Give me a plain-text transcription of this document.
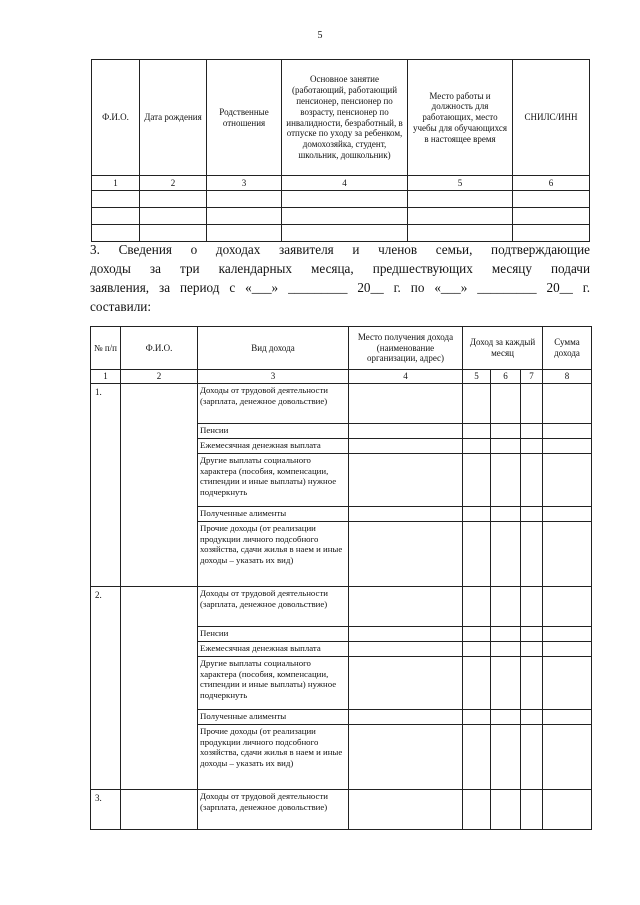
5
Ф.И.О.	Дата рождения	Родственные отношения	Основное занятие (работающий, работающий пенсионер, пенсионер по возрасту, пенсионер по инвалидности, безработный, в отпуске по уходу за ребенком, домохозяйка, студент, школьник, дошкольник)	Место работы и должность для работающих, место учебы для обучающихся в настоящее время	СНИЛС/ИНН
1	2	3	4	5	6

3. Сведения о доходах заявителя и членов семьи, подтверждающие
доходы за три календарных месяца, предшествующих месяцу подачи
заявления, за период с «___» _________ 20__ г. по «___» _________ 20__ г.
составили:
№ п/п	Ф.И.О.	Вид дохода	Место получения дохода (наименование организации, адрес)	Доход за каждый месяц			Сумма дохода
1	2	3	4	5	6	7	8
1.		Доходы от трудовой деятельности (зарплата, денежное довольствие)					
		Пенсии					
		Ежемесячная денежная выплата					
		Другие выплаты социального характера (пособия, компенсации, стипендии и иные выплаты) нужное подчеркнуть					
		Полученные алименты					
		Прочие доходы (от реализации продукции личного подсобного хозяйства, сдачи жилья в наем и иные доходы – указать их вид)					
2.		Доходы от трудовой деятельности (зарплата, денежное довольствие)					
		Пенсии					
		Ежемесячная денежная выплата					
		Другие выплаты социального характера (пособия, компенсации, стипендии и иные выплаты) нужное подчеркнуть					
		Полученные алименты					
		Прочие доходы (от реализации продукции личного подсобного хозяйства, сдачи жилья в наем и иные доходы – указать их вид)					
3.		Доходы от трудовой деятельности (зарплата, денежное довольствие)					
